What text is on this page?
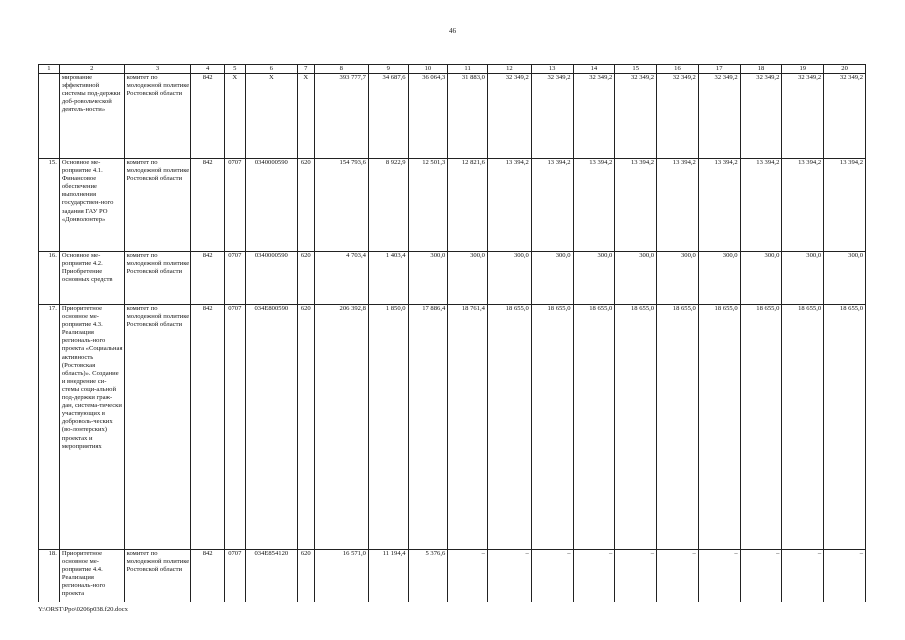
46
1	2	3	4	5	6	7	8	9	10	11	12	13	14	15	16	17	18	19	20
	мирование эффективной системы под-держки доб-ровольческой деятель-ности»	комитет по молодежной политике Ростовской области	842	X	X	X	393 777,7	34 687,6	36 064,3	31 883,0	32 349,2	32 349,2	32 349,2	32 349,2	32 349,2	32 349,2	32 349,2	32 349,2	32 349,2
15.	Основное ме-роприятие 4.1. Финансовое обеспечение выполнения государствен-ного задания ГАУ РО «Донволонтер»	комитет по молодежной политике Ростовской области	842	0707	0340000590	620	154 793,6	8 922,9	12 501,3	12 821,6	13 394,2	13 394,2	13 394,2	13 394,2	13 394,2	13 394,2	13 394,2	13 394,2	13 394,2
16.	Основное ме-роприятие 4.2. Приобретение основных средств	комитет по молодежной политике Ростовской области	842	0707	0340000590	620	4 703,4	1 403,4	300,0	300,0	300,0	300,0	300,0	300,0	300,0	300,0	300,0	300,0	300,0
17.	Приоритетное основное ме-роприятие 4.3. Реализация региональ-ного проекта «Социальная активность (Ростовская область)». Создание и внедрение си-стемы соци-альной под-держки граж-дан, система-тически участвующих в доброволь-ческих (во-лонтерских) проектах и мероприятиях	комитет по молодежной политике Ростовской области	842	0707	034E800590	620	206 392,8	1 850,0	17 886,4	18 761,4	18 655,0	18 655,0	18 655,0	18 655,0	18 655,0	18 655,0	18 655,0	18 655,0	18 655,0
18.	Приоритетное основное ме-роприятие 4.4. Реализация региональ-ного проекта	комитет по молодежной политике Ростовской области	842	0707	034E854120	620	16 571,0	11 194,4	5 376,6	–	–	–	–	–	–	–	–	–	–
Y:\ORST\Ppo\0206p038.f20.docx
